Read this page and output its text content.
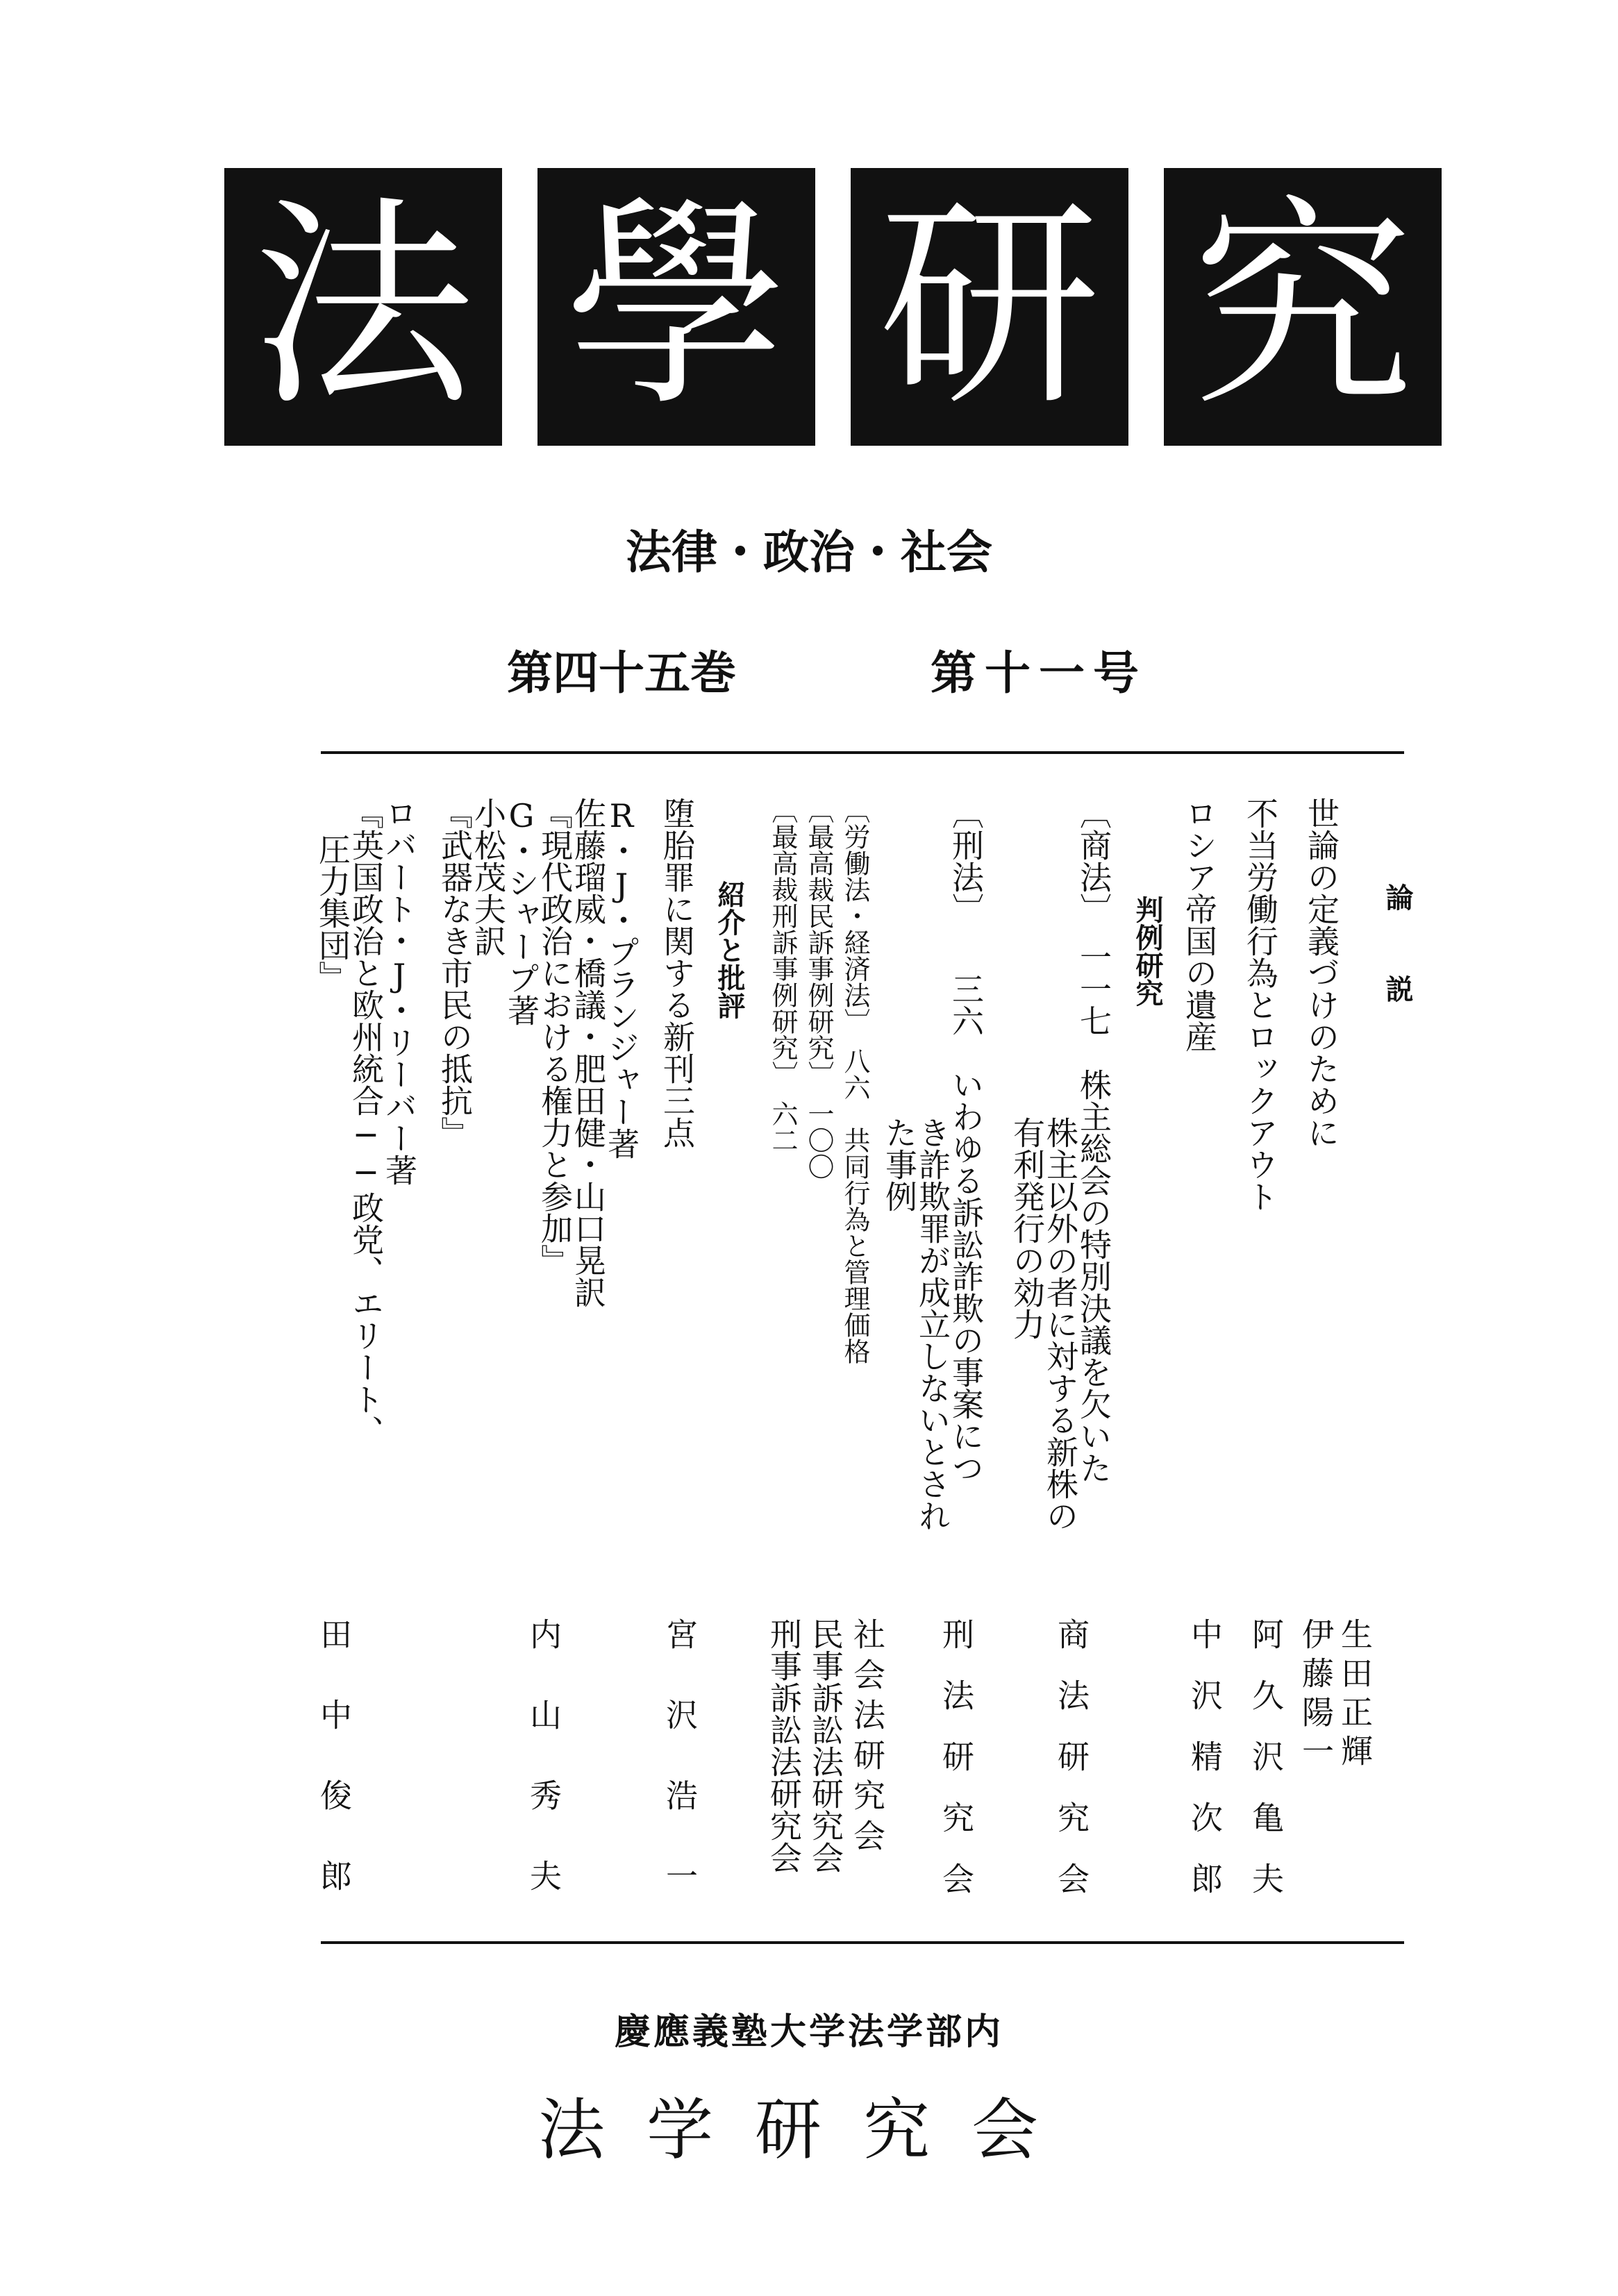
法 學 研 究
法律・政治・社会
第四十五巻	第十一号
論　説
世論の定義づけのために
不当労働行為とロックアウト
ロシア帝国の遺産
判例研究
〔商法〕　一一七　株主総会の特別決議を欠いた
株主以外の者に対する新株の
有利発行の効力
〔刑法〕　　三六　いわゆる訴訟詐欺の事案につ
き詐欺罪が成立しないとされ
た事例
〔労働法・経済法〕　八六　共同行為と管理価格
〔最高裁民訴事例研究〕　一〇〇
〔最高裁刑訴事例研究〕　六二
紹介と批評
堕胎罪に関する新刊三点
R・J・プランジャー著
佐藤瑠威・橋議・肥田健・山口晃訳
『現代政治における権力と参加』
G・シャープ著
小松茂夫訳
『武器なき市民の抵抗』
ロバート・J・リーバー著
『英国政治と欧州統合──政党、エリート、
圧力集団』
生田正輝
伊藤陽一
阿久沢亀夫
中沢精次郎
商法研究会
刑法研究会
社会法研究会
民事訴訟法研究会
刑事訴訟法研究会
宮沢浩一
内山秀夫
田中俊郎
慶應義塾大学法学部内
法学研究会
